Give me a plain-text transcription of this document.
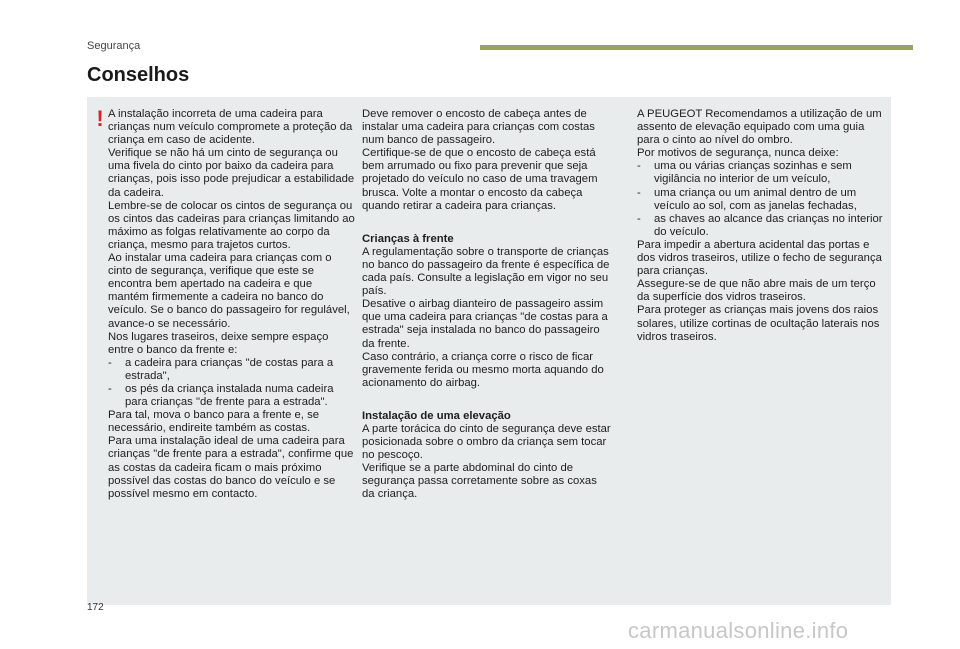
Segurança
Conselhos
! A instalação incorreta de uma cadeira para crianças num veículo compromete a proteção da criança em caso de acidente.

Verifique se não há um cinto de segurança ou uma fivela do cinto por baixo da cadeira para crianças, pois isso pode prejudicar a estabilidade da cadeira.

Lembre-se de colocar os cintos de segurança ou os cintos das cadeiras para crianças limitando ao máximo as folgas relativamente ao corpo da criança, mesmo para trajetos curtos.

Ao instalar uma cadeira para crianças com o cinto de segurança, verifique que este se encontra bem apertado na cadeira e que mantém firmemente a cadeira no banco do veículo. Se o banco do passageiro for regulável, avance-o se necessário.

Nos lugares traseiros, deixe sempre espaço entre o banco da frente e:

- a cadeira para crianças "de costas para a estrada",

- os pés da criança instalada numa cadeira para crianças "de frente para a estrada".

Para tal, mova o banco para a frente e, se necessário, endireite também as costas.

Para uma instalação ideal de uma cadeira para crianças "de frente para a estrada", confirme que as costas da cadeira ficam o mais próximo possível das costas do banco do veículo e se possível mesmo em contacto.

Deve remover o encosto de cabeça antes de instalar uma cadeira para crianças com costas num banco de passageiro.

Certifique-se de que o encosto de cabeça está bem arrumado ou fixo para prevenir que seja projetado do veículo no caso de uma travagem brusca. Volte a montar o encosto da cabeça quando retirar a cadeira para crianças.

Crianças à frente

A regulamentação sobre o transporte de crianças no banco do passageiro da frente é específica de cada país. Consulte a legislação em vigor no seu país.

Desative o airbag dianteiro de passageiro assim que uma cadeira para crianças "de costas para a estrada" seja instalada no banco do passageiro da frente.

Caso contrário, a criança corre o risco de ficar gravemente ferida ou mesmo morta aquando do acionamento do airbag.

Instalação de uma elevação

A parte torácica do cinto de segurança deve estar posicionada sobre o ombro da criança sem tocar no pescoço.

Verifique se a parte abdominal do cinto de segurança passa corretamente sobre as coxas da criança.

A PEUGEOT Recomendamos a utilização de um assento de elevação equipado com uma guia para o cinto ao nível do ombro.

Por motivos de segurança, nunca deixe:

- uma ou várias crianças sozinhas e sem vigilância no interior de um veículo,

- uma criança ou um animal dentro de um veículo ao sol, com as janelas fechadas,

- as chaves ao alcance das crianças no interior do veículo.

Para impedir a abertura acidental das portas e dos vidros traseiros, utilize o fecho de segurança para crianças.

Assegure-se de que não abre mais de um terço da superfície dos vidros traseiros.

Para proteger as crianças mais jovens dos raios solares, utilize cortinas de ocultação laterais nos vidros traseiros.

172
carmanualsonline.info
